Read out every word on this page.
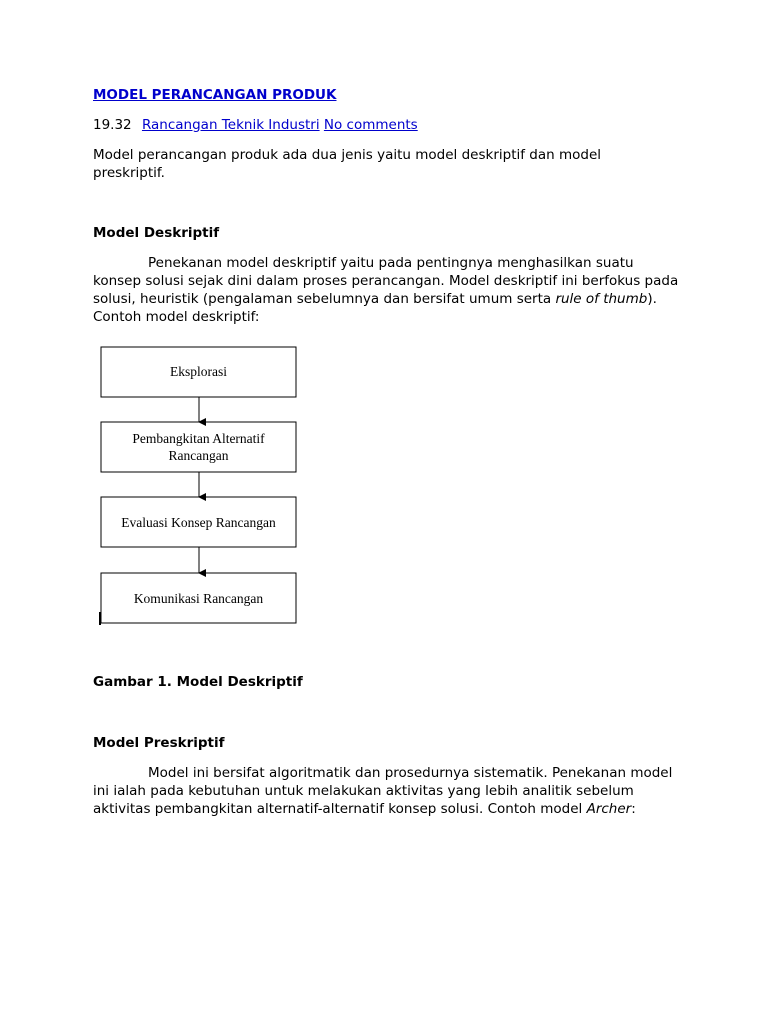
MODEL PERANCANGAN PRODUK

19.32 Rancangan Teknik Industri No comments

Model perancangan produk ada dua jenis yaitu model deskriptif dan model preskriptif.

Model Deskriptif

Penekanan model deskriptif yaitu pada pentingnya menghasilkan suatu konsep solusi sejak dini dalam proses perancangan. Model deskriptif ini berfokus pada solusi, heuristik (pengalaman sebelumnya dan bersifat umum serta rule of thumb). Contoh model deskriptif:

Eksplorasi
Pembangkitan Alternatif
Rancangan
Evaluasi Konsep Rancangan
Komunikasi Rancangan

Gambar 1. Model Deskriptif

Model Preskriptif

Model ini bersifat algoritmatik dan prosedurnya sistematik. Penekanan model ini ialah pada kebutuhan untuk melakukan aktivitas yang lebih analitik sebelum aktivitas pembangkitan alternatif-alternatif konsep solusi. Contoh model Archer:
